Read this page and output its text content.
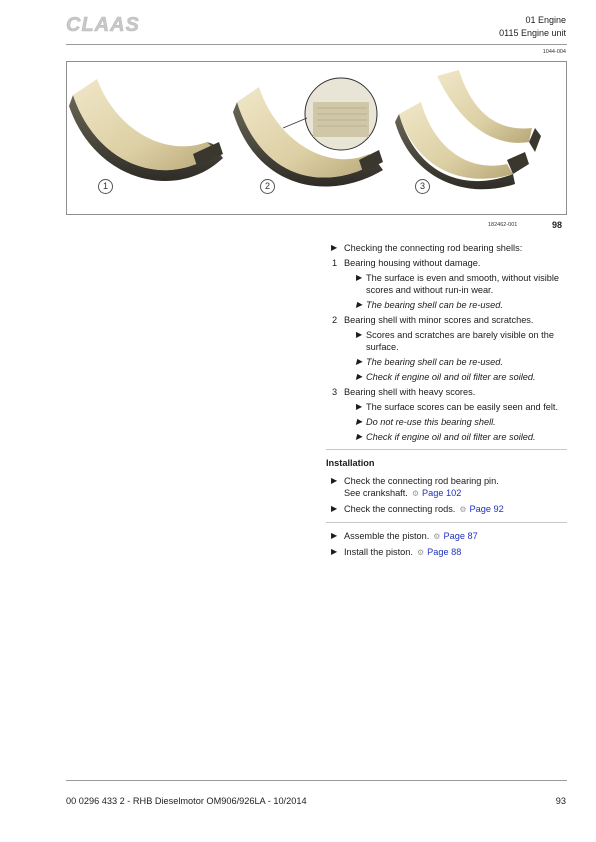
CLAAS	01 Engine
0115 Engine unit
1044-004
1	2	3
182462-001	98
▶ Checking the connecting rod bearing shells:
1 Bearing housing without damage.
▶ The surface is even and smooth, without visible scores and without run-in wear.
▶ The bearing shell can be re-used.
2 Bearing shell with minor scores and scratches.
▶ Scores and scratches are barely visible on the surface.
▶ The bearing shell can be re-used.
▶ Check if engine oil and oil filter are soiled.
3 Bearing shell with heavy scores.
▶ The surface scores can be easily seen and felt.
▶ Do not re-use this bearing shell.
▶ Check if engine oil and oil filter are soiled.
Installation
▶ Check the connecting rod bearing pin.
See crankshaft. ⚙ Page 102
▶ Check the connecting rods. ⚙ Page 92
▶ Assemble the piston. ⚙ Page 87
▶ Install the piston. ⚙ Page 88
00 0296 433 2 - RHB Dieselmotor OM906/926LA - 10/2014	93
